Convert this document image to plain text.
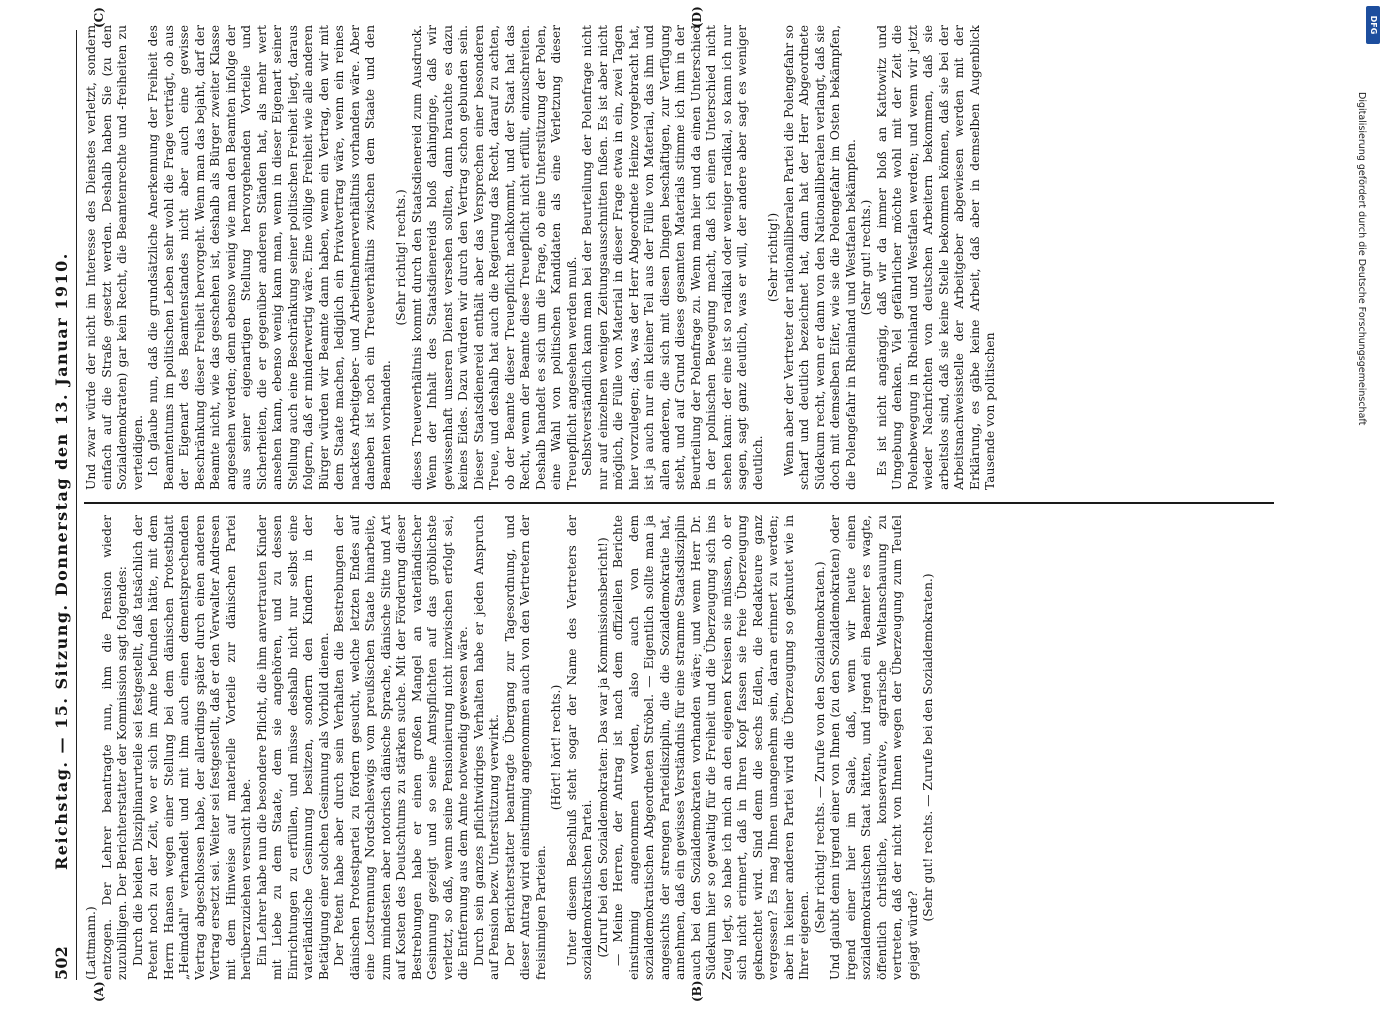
502
Reichstag. — 15. Sitzung. Donnerstag den 13. Januar 1910.
(A)	(B)
(C)	(D)

(Lattmann.) entzogen. Der Lehrer beantragte nun, ihm die Pension wieder zuzubilligen. Der Berichterstatter der Kommission sagt folgendes: Durch die beiden Disziplinarurteile sei festgestellt, daß tatsächlich der Petent noch zu der Zeit, wo er sich im Amte befunden hätte, mit dem Herrn Hansen wegen einer Stellung bei dem dänischen Protestblatt „Heimdahl" verhandelt und mit ihm auch einen dementsprechenden Vertrag abgeschlossen habe, der allerdings später durch einen anderen Vertrag ersetzt sei. Weiter sei festgestellt, daß er den Verwalter Andresen mit dem Hinweise auf materielle Vorteile zur dänischen Partei herüberzuziehen versucht habe. Ein Lehrer habe nun die besondere Pflicht, die ihm anvertrauten Kinder mit Liebe zu dem Staate, dem sie angehören, und zu dessen Einrichtungen zu erfüllen, und müsse deshalb nicht nur selbst eine vaterländische Gesinnung besitzen, sondern den Kindern in der Betätigung einer solchen Gesinnung als Vorbild dienen. Der Petent habe aber durch sein Verhalten die Bestrebungen der dänischen Protestpartei zu fördern gesucht, welche letzten Endes auf eine Lostrennung Nordschleswigs vom preußischen Staate hinarbeite, zum mindesten aber notorisch dänische Sprache, dänische Sitte und Art auf Kosten des Deutschtums zu stärken suche. Mit der Förderung dieser Bestrebungen habe er einen großen Mangel an vaterländischer Gesinnung gezeigt und so seine Amtspflichten auf das gröblichste verletzt, so daß, wenn seine Pensionierung nicht inzwischen erfolgt sei, die Entfernung aus dem Amte notwendig gewesen wäre. Durch sein ganzes pflichtwidriges Verhalten habe er jeden Anspruch auf Pension bezw. Unterstützung verwirkt. Der Berichterstatter beantragte Übergang zur Tagesordnung, und dieser Antrag wird einstimmig angenommen auch von den Vertretern der freisinnigen Parteien.

(Hört! hört! rechts.) Unter diesem Beschluß steht sogar der Name des Vertreters der sozialdemokratischen Partei. (Zuruf bei den Sozialdemokraten: Das war ja Kommissionsbericht!) — Meine Herren, der Antrag ist nach dem offiziellen Berichte einstimmig angenommen worden, also auch von dem sozialdemokratischen Abgeordneten Ströbel. — Eigentlich sollte man ja angesichts der strengen Parteidisziplin, die die Sozialdemokratie hat, annehmen, daß ein gewisses Verständnis für eine stramme Staatsdisziplin auch bei den Sozialdemokraten vorhanden wäre; und wenn Herr Dr. Südekum hier so gewaltig für die Freiheit und die Überzeugung sich ins Zeug legt, so habe ich mich an den eigenen Kreisen sie müssen, ob er sich nicht erinnert, daß in Ihren Kopf fassen sie freie Überzeugung geknechtet wird. Sind denn die sechs Edlen, die Redakteure ganz vergessen? Es mag Ihnen unangenehm sein, daran erinnert zu werden; aber in keiner anderen Partei wird die Überzeugung so geknutet wie in Ihrer eigenen.

(Sehr richtig! rechts. — Zurufe von den Sozialdemokraten.) Und glaubt denn irgend einer von Ihnen (zu den Sozialdemokraten) oder irgend einer hier im Saale, daß, wenn wir heute einen sozialdemokratischen Staat hätten, und irgend ein Beamter es wagte, öffentlich christliche, konservative, agrarische Weltanschauung zu vertreten, daß der nicht von Ihnen wegen der Überzeugung zum Teufel gejagt würde?

(Sehr gut! rechts. — Zurufe bei den Sozialdemokraten.)

Und zwar würde der nicht im Interesse des Dienstes verletzt, sondern einfach auf die Straße gesetzt werden. Deshalb haben Sie (zu den Sozialdemokraten) gar kein Recht, die Beamtenrechte und -freiheiten zu verteidigen. Ich glaube nun, daß die grundsätzliche Anerkennung der Freiheit des Beamtentums im politischen Leben sehr wohl die Frage verträgt, ob aus der Eigenart des Beamtenstandes nicht aber auch eine gewisse Beschränkung dieser Freiheit hervorgeht. Wenn man das bejaht, darf der Beamte nicht, wie das geschehen ist, deshalb als Bürger zweiter Klasse angesehen werden; denn ebenso wenig wie man den Beamten infolge der aus seiner eigenartigen Stellung hervorgehenden Vorteile und Sicherheiten, die er gegenüber anderen Ständen hat, als mehr wert ansehen kann, ebenso wenig kann man, wenn in dieser Eigenart seiner Stellung auch eine Beschränkung seiner politischen Freiheit liegt, daraus folgern, daß er minderwertig wäre. Eine völlige Freiheit wie alle anderen Bürger würden wir Beamte dann haben, wenn ein Vertrag, den wir mit dem Staate machen, lediglich ein Privatvertrag wäre, wenn ein reines nacktes Arbeitgeber- und Arbeitnehmerverhältnis vorhanden wäre. Aber daneben ist noch ein Treueverhältnis zwischen dem Staate und den Beamten vorhanden.

(Sehr richtig! rechts.) dieses Treueverhältnis kommt durch den Staatsdienereid zum Ausdruck. Wenn der Inhalt des Staatsdienereids bloß dahinginge, daß wir gewissenhaft unseren Dienst versehen sollten, dann brauchte es dazu keines Eides. Dazu würden wir durch den Vertrag schon gebunden sein. Dieser Staatsdienereid enthält aber das Versprechen einer besonderen Treue, und deshalb hat auch die Regierung das Recht, darauf zu achten, ob der Beamte dieser Treuepflicht nachkommt, und der Staat hat das Recht, wenn der Beamte diese Treuepflicht nicht erfüllt, einzuschreiten. Deshalb handelt es sich um die Frage, ob eine Unterstützung der Polen, eine Wahl von politischen Kandidaten als eine Verletzung dieser Treuepflicht angesehen werden muß. Selbstverständlich kann man bei der Beurteilung der Polenfrage nicht nur auf einzelnen wenigen Zeitungsausschnitten fußen. Es ist aber nicht möglich, die Fülle von Material in dieser Frage etwa in ein, zwei Tagen hier vorzulegen; das, was der Herr Abgeordnete Heinze vorgebracht hat, ist ja auch nur ein kleiner Teil aus der Fülle von Material, das ihm und allen anderen, die sich mit diesen Dingen beschäftigen, zur Verfügung steht, und auf Grund dieses gesamten Materials stimme ich ihm in der Beurteilung der Polenfrage zu. Wenn man hier und da einen Unterschied in der polnischen Bewegung macht, daß ich einen Unterschied nicht sehen kann: der eine ist so radikal oder weniger radikal, so kann ich nur sagen, sagt ganz deutlich, was er will, der andere aber sagt es weniger deutlich.

(Sehr richtig!) Wenn aber der Vertreter der nationalliberalen Partei die Polengefahr so scharf und deutlich bezeichnet hat, dann hat der Herr Abgeordnete Südekum recht, wenn er dann von den Nationalliberalen verlangt, daß sie doch mit demselben Eifer, wie sie die Polengefahr im Osten bekämpfen, die Polengefahr in Rheinland und Westfalen bekämpfen. (Sehr gut! rechts.) Es ist nicht angängig, daß wir da immer bloß an Kattowitz und Umgebung denken. Viel gefährlicher möchte wohl mit der Zeit die Polenbewegung in Rheinland und Westfalen werden; und wenn wir jetzt wieder Nachrichten von deutschen Arbeitern bekommen, daß sie arbeitslos sind, daß sie keine Stelle bekommen können, daß sie bei der Arbeitsnachweisstelle der Arbeitgeber abgewiesen werden mit der Erklärung, es gäbe keine Arbeit, daß aber in demselben Augenblick Tausende von politischen	Digitalisierung gefördert durch die Deutsche Forschungsgemeinschaft
DFG
